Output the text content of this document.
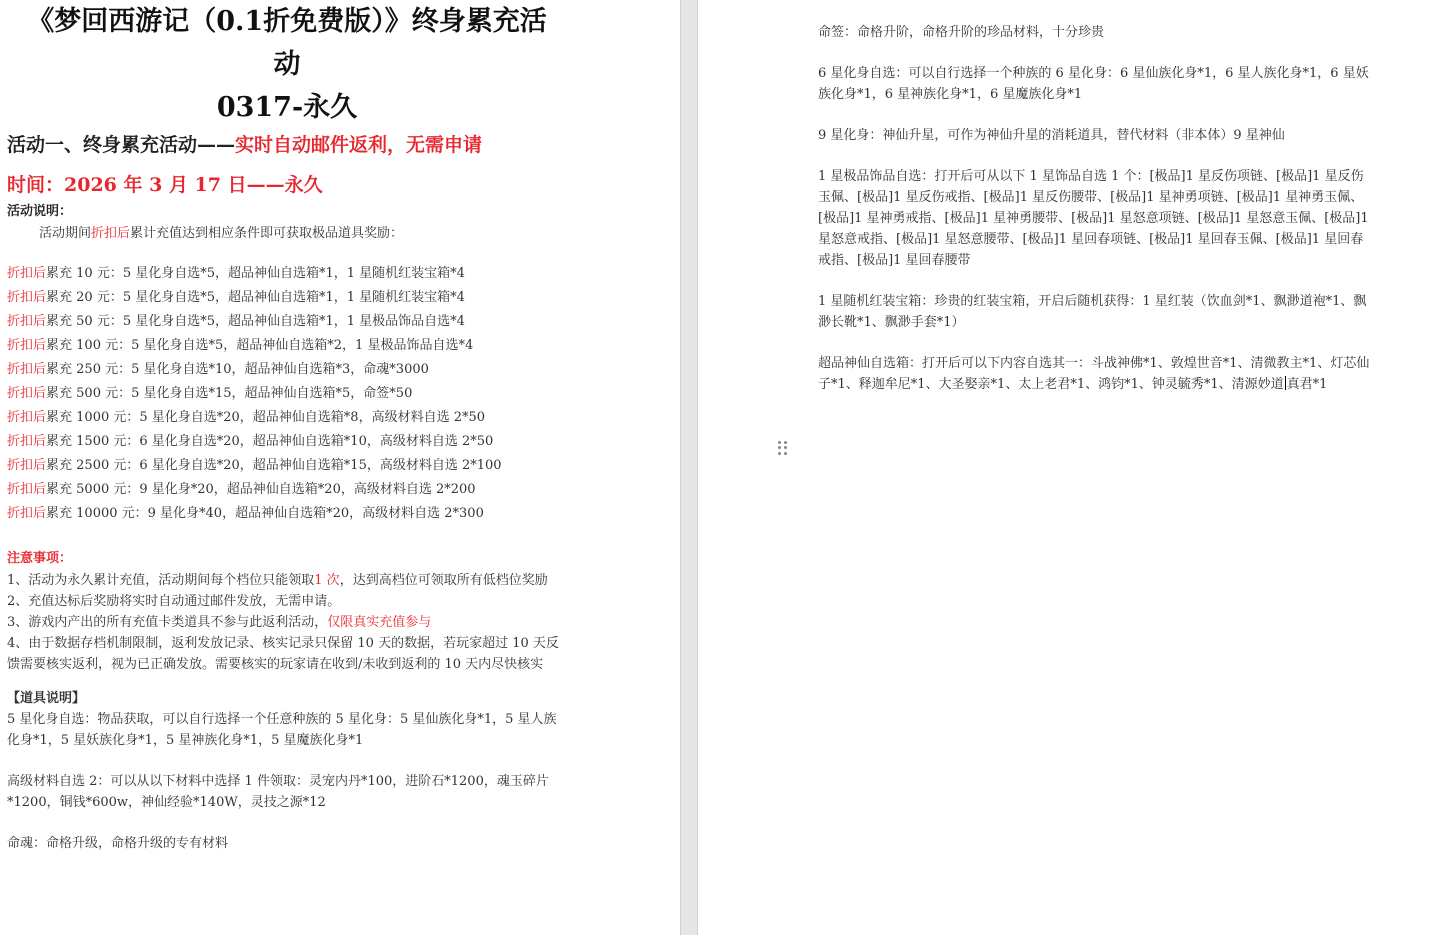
《梦回西游记（0.1折免费版）》终身累充活
动
0317-永久
活动一、终身累充活动——实时自动邮件返利，无需申请
时间：2026 年 3 月 17 日——永久
活动说明：

活动期间折扣后累计充值达到相应条件即可获取极品道具奖励：

折扣后累充 10 元：5 星化身自选*5，超品神仙自选箱*1，1 星随机红装宝箱*4
折扣后累充 20 元：5 星化身自选*5，超品神仙自选箱*1，1 星随机红装宝箱*4
折扣后累充 50 元：5 星化身自选*5，超品神仙自选箱*1，1 星极品饰品自选*4
折扣后累充 100 元：5 星化身自选*5，超品神仙自选箱*2，1 星极品饰品自选*4
折扣后累充 250 元：5 星化身自选*10，超品神仙自选箱*3，命魂*3000
折扣后累充 500 元：5 星化身自选*15，超品神仙自选箱*5，命签*50
折扣后累充 1000 元：5 星化身自选*20，超品神仙自选箱*8，高级材料自选 2*50
折扣后累充 1500 元：6 星化身自选*20，超品神仙自选箱*10，高级材料自选 2*50
折扣后累充 2500 元：6 星化身自选*20，超品神仙自选箱*15，高级材料自选 2*100
折扣后累充 5000 元：9 星化身*20，超品神仙自选箱*20，高级材料自选 2*200
折扣后累充 10000 元：9 星化身*40，超品神仙自选箱*20，高级材料自选 2*300
注意事项：

1、活动为永久累计充值，活动期间每个档位只能领取1 次，达到高档位可领取所有低档位奖励

2、充值达标后奖励将实时自动通过邮件发放，无需申请。

3、游戏内产出的所有充值卡类道具不参与此返利活动，仅限真实充值参与

4、由于数据存档机制限制，返利发放记录、核实记录只保留 10 天的数据，若玩家超过 10 天反馈需要核实返利，视为已正确发放。需要核实的玩家请在收到/未收到返利的 10 天内尽快核实

【道具说明】

5 星化身自选：物品获取，可以自行选择一个任意种族的 5 星化身：5 星仙族化身*1，5 星人族化身*1，5 星妖族化身*1，5 星神族化身*1，5 星魔族化身*1

高级材料自选 2：可以从以下材料中选择 1 件领取：灵宠内丹*100，进阶石*1200，魂玉碎片*1200，铜钱*600w，神仙经验*140W，灵技之源*12

命魂：命格升级，命格升级的专有材料

命签：命格升阶，命格升阶的珍品材料，十分珍贵

6 星化身自选：可以自行选择一个种族的 6 星化身：6 星仙族化身*1，6 星人族化身*1，6 星妖族化身*1，6 星神族化身*1，6 星魔族化身*1

9 星化身：神仙升星，可作为神仙升星的消耗道具，替代材料（非本体）9 星神仙

1 星极品饰品自选：打开后可从以下 1 星饰品自选 1 个：[极品]1 星反伤项链、[极品]1 星反伤玉佩、[极品]1 星反伤戒指、[极品]1 星反伤腰带、[极品]1 星神勇项链、[极品]1 星神勇玉佩、[极品]1 星神勇戒指、[极品]1 星神勇腰带、[极品]1 星怒意项链、[极品]1 星怒意玉佩、[极品]1 星怒意戒指、[极品]1 星怒意腰带、[极品]1 星回春项链、[极品]1 星回春玉佩、[极品]1 星回春戒指、[极品]1 星回春腰带

1 星随机红装宝箱：珍贵的红装宝箱，开启后随机获得：1 星红装（饮血剑*1、飘渺道袍*1、飘渺长靴*1、飘渺手套*1）

超品神仙自选箱：打开后可以下内容自选其一：斗战神佛*1、敦煌世音*1、清微教主*1、灯芯仙子*1、释迦牟尼*1、大圣娶亲*1、太上老君*1、鸿钧*1、钟灵毓秀*1、清源妙道 真君*1
